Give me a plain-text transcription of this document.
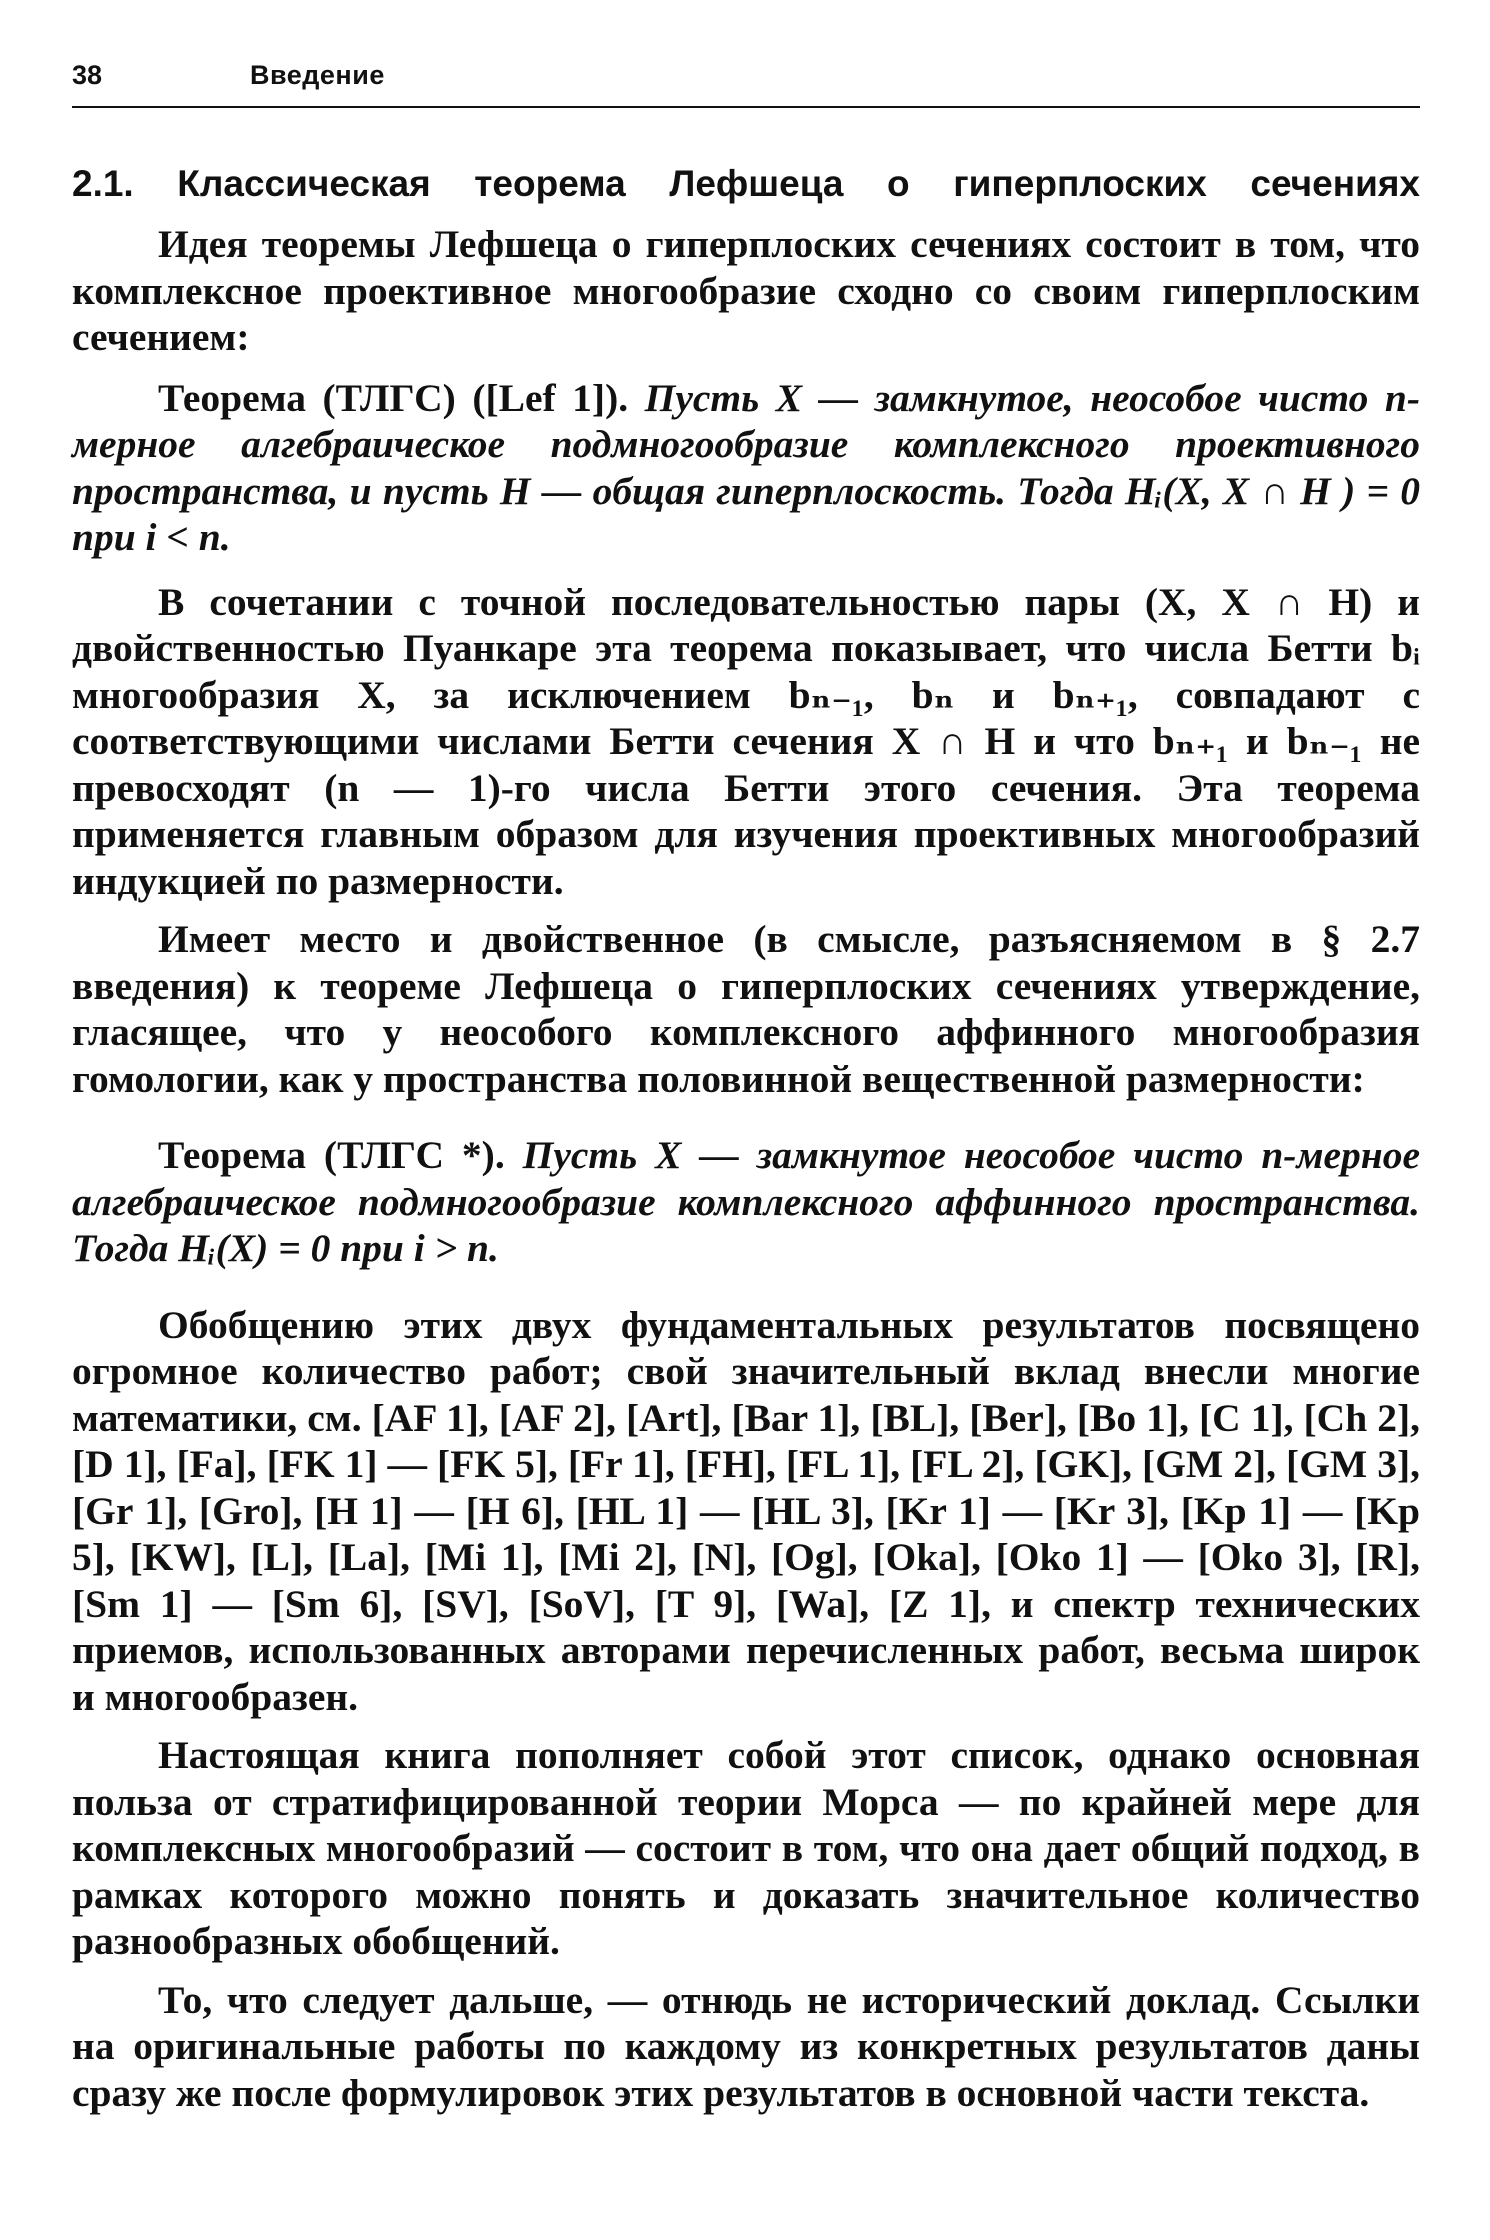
38	Введение
2.1. Классическая теорема Лефшеца о гиперплоских сечениях

Идея теоремы Лефшеца о гиперплоских сечениях состоит в том, что комплексное проективное многообразие сходно со своим гиперплоским сечением:

Теорема (ТЛГС) ([Lef 1]). Пусть X — замкнутое, неособое чисто n-мерное алгебраическое подмногообразие комплексного проективного пространства, и пусть H — общая гиперплоскость. Тогда Hᵢ(X, X ∩ H ) = 0 при i < n.

В сочетании с точной последовательностью пары (X, X ∩ H) и двойственностью Пуанкаре эта теорема показывает, что числа Бетти bᵢ многообразия X, за исключением bₙ₋₁, bₙ и bₙ₊₁, совпадают с соответствующими числами Бетти сечения X ∩ H и что bₙ₊₁ и bₙ₋₁ не превосходят (n — 1)-го числа Бетти этого сечения. Эта теорема применяется главным образом для изучения проективных многообразий индукцией по размерности.

Имеет место и двойственное (в смысле, разъясняемом в § 2.7 введения) к теореме Лефшеца о гиперплоских сечениях утверждение, гласящее, что у неособого комплексного аффинного многообразия гомологии, как у пространства половинной вещественной размерности:

Теорема (ТЛГС *). Пусть X — замкнутое неособое чисто n-мерное алгебраическое подмногообразие комплексного аффинного пространства. Тогда Hᵢ(X) = 0 при i > n.

Обобщению этих двух фундаментальных результатов посвящено огромное количество работ; свой значительный вклад внесли многие математики, см. [AF 1], [AF 2], [Art], [Bar 1], [BL], [Ber], [Bo 1], [C 1], [Ch 2], [D 1], [Fa], [FK 1] — [FK 5], [Fr 1], [FH], [FL 1], [FL 2], [GK], [GM 2], [GM 3], [Gr 1], [Gro], [H 1] — [H 6], [HL 1] — [HL 3], [Kr 1] — [Kr 3], [Kp 1] — [Kp 5], [KW], [L], [La], [Mi 1], [Mi 2], [N], [Og], [Oka], [Oko 1] — [Oko 3], [R], [Sm 1] — [Sm 6], [SV], [SoV], [T 9], [Wa], [Z 1], и спектр технических приемов, использованных авторами перечисленных работ, весьма широк и многообразен.

Настоящая книга пополняет собой этот список, однако основная польза от стратифицированной теории Морса — по крайней мере для комплексных многообразий — состоит в том, что она дает общий подход, в рамках которого можно понять и доказать значительное количество разнообразных обобщений.

То, что следует дальше, — отнюдь не исторический доклад. Ссылки на оригинальные работы по каждому из конкретных результатов даны сразу же после формулировок этих результатов в основной части текста.
